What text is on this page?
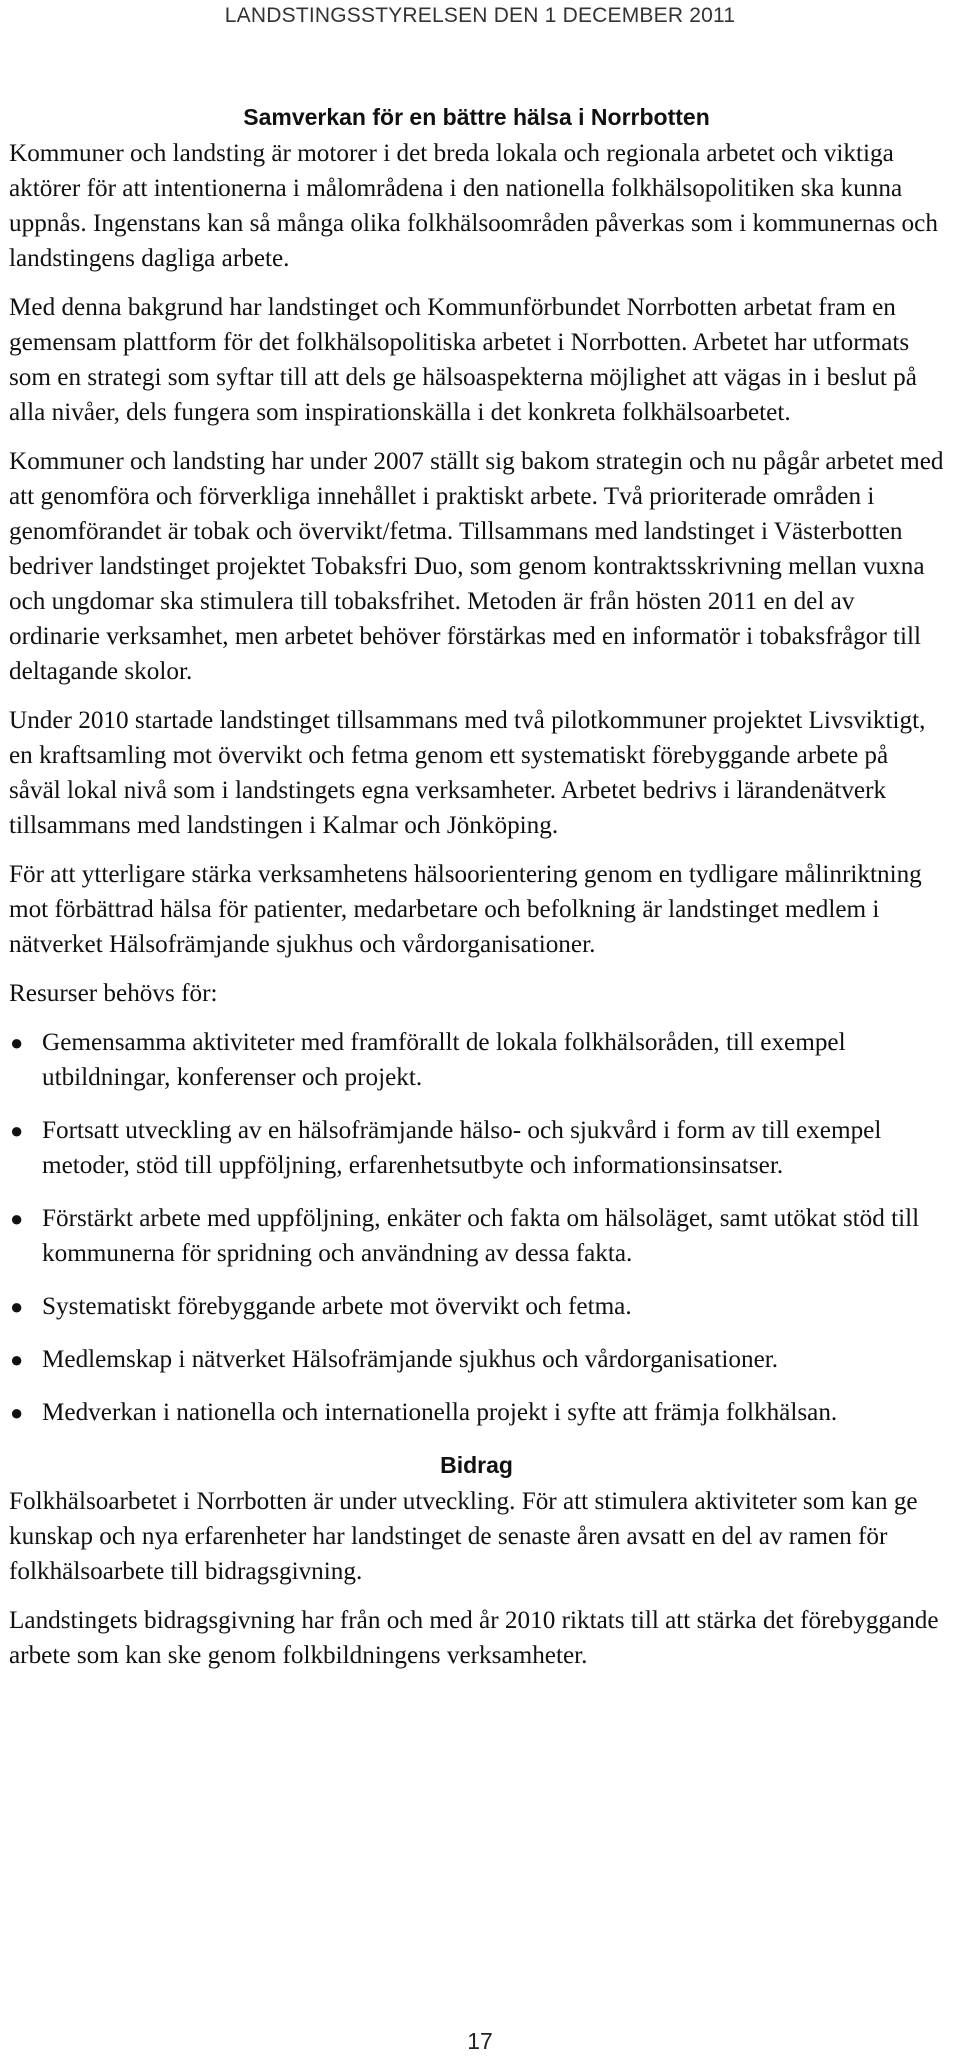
LANDSTINGSSTYRELSEN DEN 1 DECEMBER 2011
Samverkan för en bättre hälsa i Norrbotten

Kommuner och landsting är motorer i det breda lokala och regionala arbetet och viktiga aktörer för att intentionerna i målområdena i den nationella folkhälsopolitiken ska kunna uppnås. Ingenstans kan så många olika folkhälsoområden påverkas som i kommunernas och landstingens dagliga arbete.

Med denna bakgrund har landstinget och Kommunförbundet Norrbotten arbetat fram en gemensam plattform för det folkhälsopolitiska arbetet i Norrbotten. Arbetet har utformats som en strategi som syftar till att dels ge hälsoaspekterna möjlighet att vägas in i beslut på alla nivåer, dels fungera som inspirationskälla i det konkreta folkhälsoarbetet.

Kommuner och landsting har under 2007 ställt sig bakom strategin och nu pågår arbetet med att genomföra och förverkliga innehållet i praktiskt arbete. Två prioriterade områden i genomförandet är tobak och övervikt/fetma. Tillsammans med landstinget i Västerbotten bedriver landstinget projektet Tobaksfri Duo, som genom kontraktsskrivning mellan vuxna och ungdomar ska stimulera till tobaksfrihet. Metoden är från hösten 2011 en del av ordinarie verksamhet, men arbetet behöver förstärkas med en informatör i tobaksfrågor till deltagande skolor.

Under 2010 startade landstinget tillsammans med två pilotkommuner projektet Livsviktigt, en kraftsamling mot övervikt och fetma genom ett systematiskt förebyggande arbete på såväl lokal nivå som i landstingets egna verksamheter. Arbetet bedrivs i lärandenätverk tillsammans med landstingen i Kalmar och Jönköping.

För att ytterligare stärka verksamhetens hälsoorientering genom en tydligare målinriktning mot förbättrad hälsa för patienter, medarbetare och befolkning är landstinget medlem i nätverket Hälsofrämjande sjukhus och vårdorganisationer.

Resurser behövs för:

● Gemensamma aktiviteter med framförallt de lokala folkhälsoråden, till exempel utbildningar, konferenser och projekt.
● Fortsatt utveckling av en hälsofrämjande hälso- och sjukvård i form av till exempel metoder, stöd till uppföljning, erfarenhetsutbyte och informationsinsatser.
● Förstärkt arbete med uppföljning, enkäter och fakta om hälsoläget, samt utökat stöd till kommunerna för spridning och användning av dessa fakta.
● Systematiskt förebyggande arbete mot övervikt och fetma.
● Medlemskap i nätverket Hälsofrämjande sjukhus och vårdorganisationer.
● Medverkan i nationella och internationella projekt i syfte att främja folkhälsan.
Bidrag

Folkhälsoarbetet i Norrbotten är under utveckling. För att stimulera aktiviteter som kan ge kunskap och nya erfarenheter har landstinget de senaste åren avsatt en del av ramen för folkhälsoarbete till bidragsgivning.

Landstingets bidragsgivning har från och med år 2010 riktats till att stärka det förebyggande arbete som kan ske genom folkbildningens verksamheter.

17
